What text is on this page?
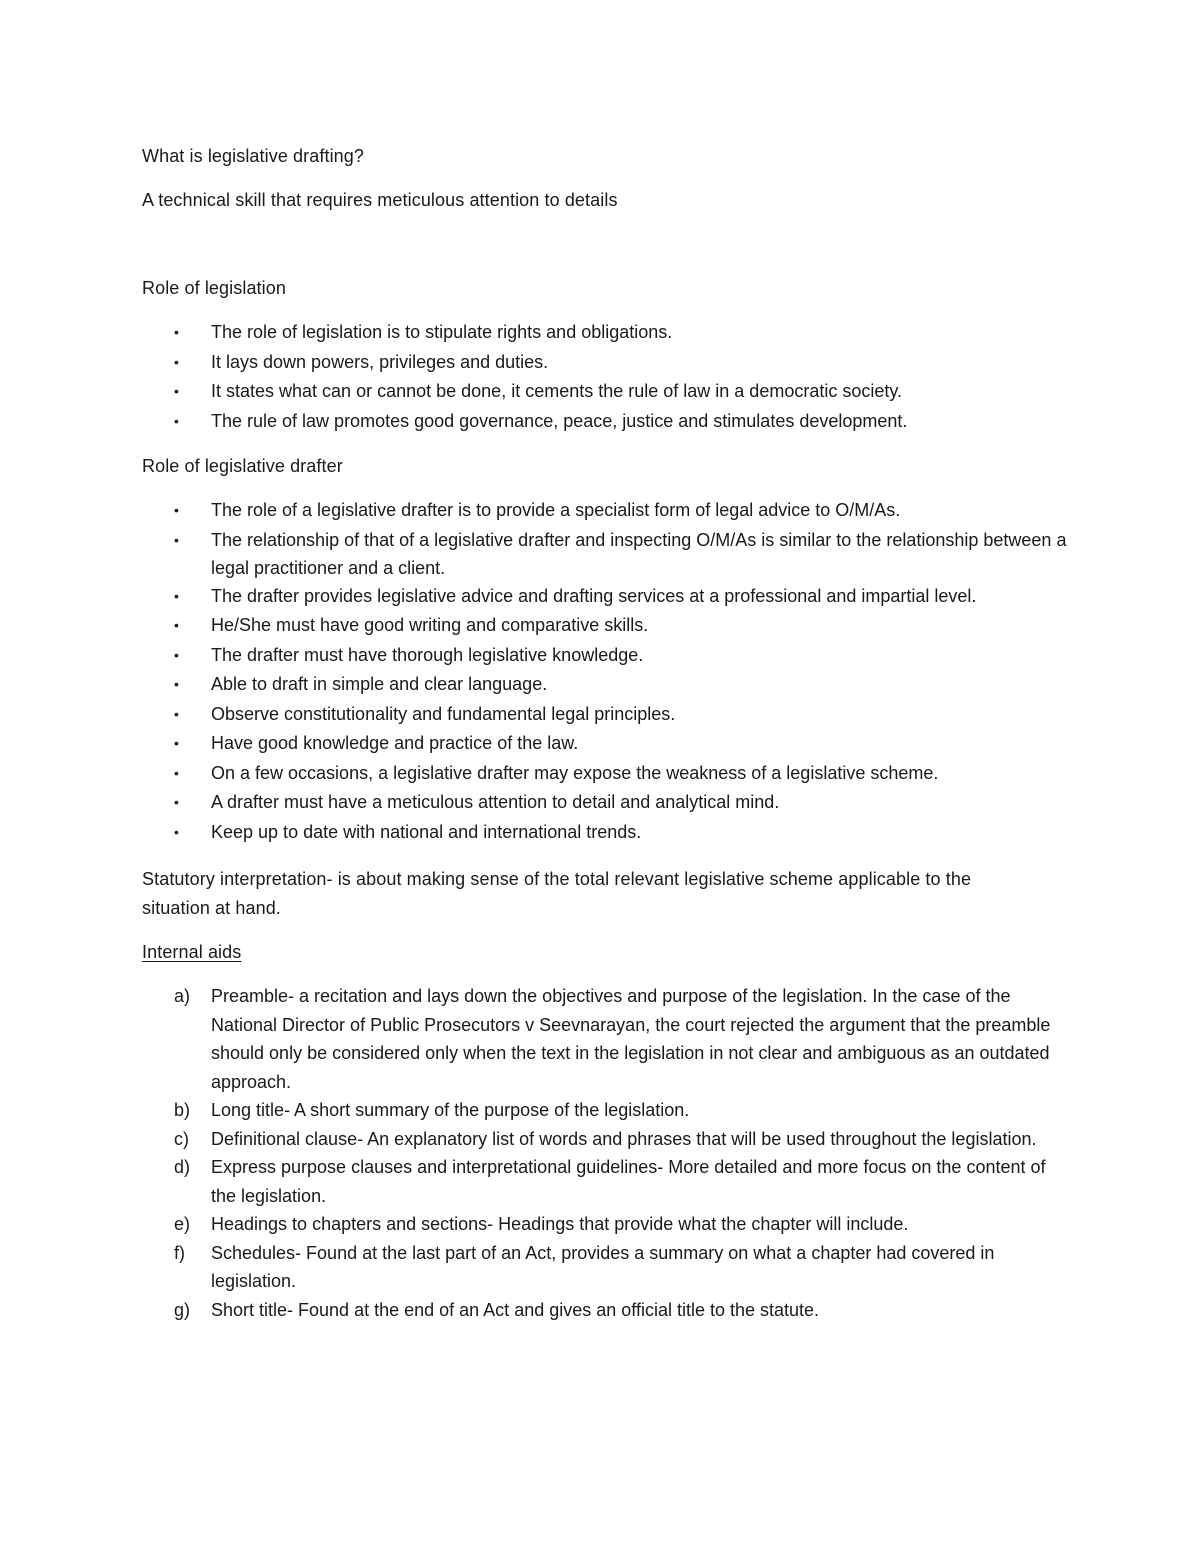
What is legislative drafting?
A technical skill that requires meticulous attention to details
Role of legislation
• The role of legislation is to stipulate rights and obligations.
• It lays down powers, privileges and duties.
• It states what can or cannot be done, it cements the rule of law in a democratic society.
• The rule of law promotes good governance, peace, justice and stimulates development.
Role of legislative drafter
• The role of a legislative drafter is to provide a specialist form of legal advice to O/M/As.
• The relationship of that of a legislative drafter and inspecting O/M/As is similar to the relationship between a legal practitioner and a client.
• The drafter provides legislative advice and drafting services at a professional and impartial level.
• He/She must have good writing and comparative skills.
• The drafter must have thorough legislative knowledge.
• Able to draft in simple and clear language.
• Observe constitutionality and fundamental legal principles.
• Have good knowledge and practice of the law.
• On a few occasions, a legislative drafter may expose the weakness of a legislative scheme.
• A drafter must have a meticulous attention to detail and analytical mind.
• Keep up to date with national and international trends.
Statutory interpretation- is about making sense of the total relevant legislative scheme applicable to the
situation at hand.
Internal aids
a) Preamble- a recitation and lays down the objectives and purpose of the legislation. In the case of the National Director of Public Prosecutors v Seevnarayan, the court rejected the argument that the preamble should only be considered only when the text in the legislation in not clear and ambiguous as an outdated approach.
b) Long title- A short summary of the purpose of the legislation.
c) Definitional clause- An explanatory list of words and phrases that will be used throughout the legislation.
d) Express purpose clauses and interpretational guidelines- More detailed and more focus on the content of the legislation.
e) Headings to chapters and sections- Headings that provide what the chapter will include.
f) Schedules- Found at the last part of an Act, provides a summary on what a chapter had covered in legislation.
g) Short title- Found at the end of an Act and gives an official title to the statute.
